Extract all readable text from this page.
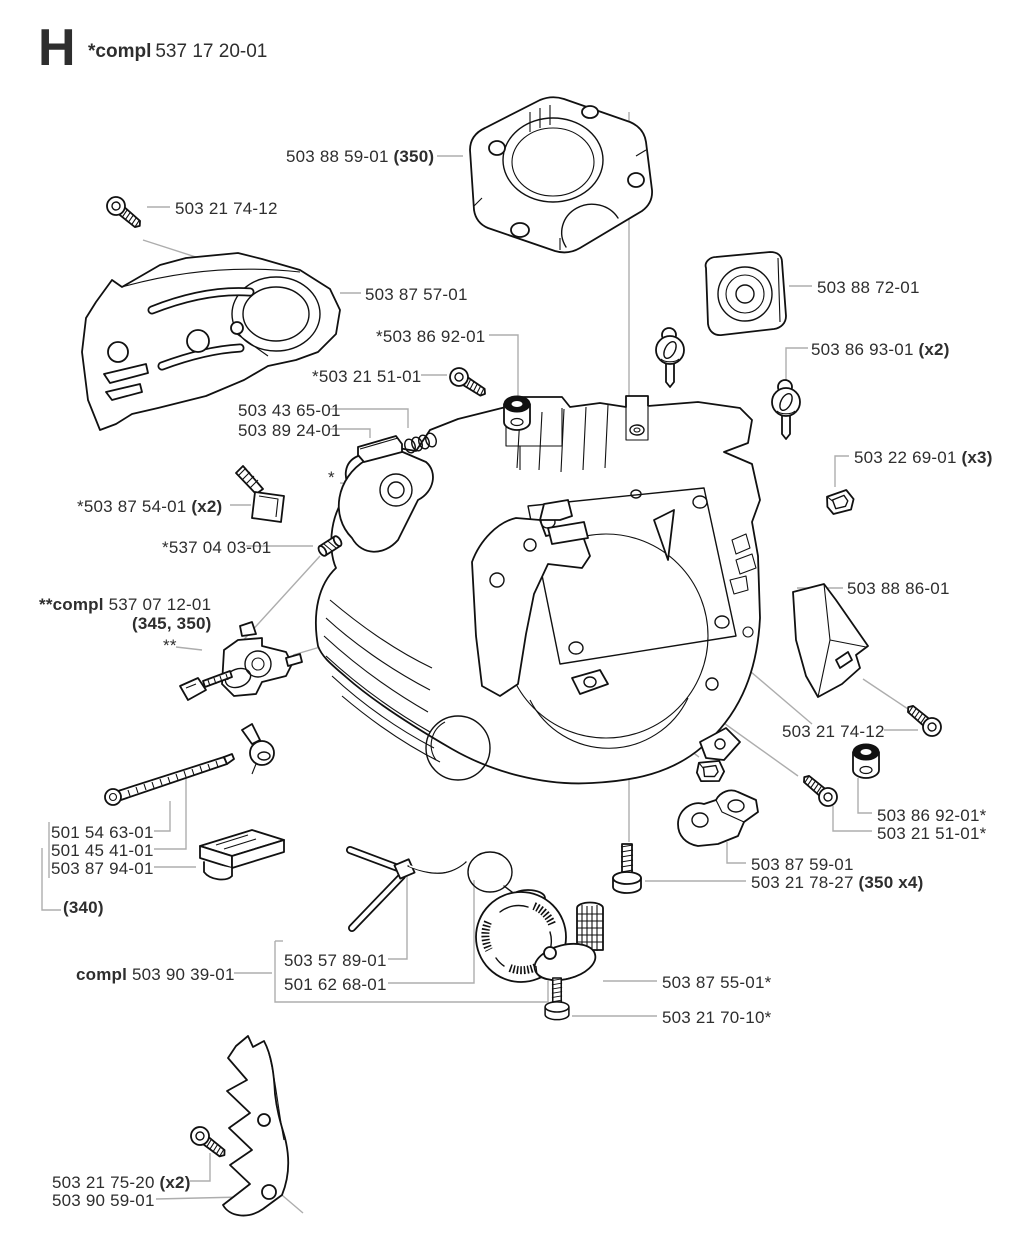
H *compl 537 17 20-01
503 88 59-01 (350)
503 21 74-12
503 87 57-01
*503 86 92-01
*503 21 51-01
503 43 65-01
503 89 24-01
*503 87 54-01 (x2)
*537 04 03-01
**compl 537 07 12-01
(345, 350)
**
*
503 88 72-01
503 86 93-01 (x2)
503 22 69-01 (x3)
503 88 86-01
503 21 74-12
503 86 92-01*
503 21 51-01*
503 87 59-01
503 21 78-27 (350 x4)
501 54 63-01
501 45 41-01
503 87 94-01
(340)
compl 503 90 39-01
503 57 89-01
501 62 68-01	503 87 55-01*
503 21 70-10*
503 21 75-20 (x2)
503 90 59-01
